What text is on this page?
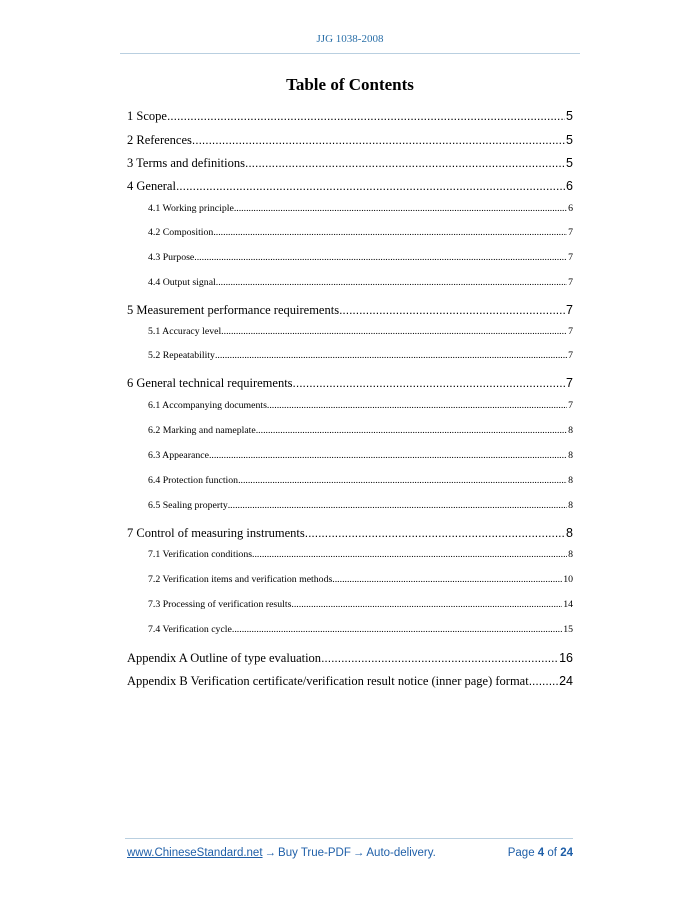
JJG 1038-2008
Table of Contents
1 Scope .....	5
2 References .....	5
3 Terms and definitions .....	5
4 General .....	6
4.1 Working principle .....	6
4.2 Composition .....	7
4.3 Purpose .....	7
4.4 Output signal .....	7
5 Measurement performance requirements .....	7
5.1 Accuracy level .....	7
5.2 Repeatability .....	7
6 General technical requirements .....	7
6.1 Accompanying documents .....	7
6.2 Marking and nameplate .....	8
6.3 Appearance .....	8
6.4 Protection function .....	8
6.5 Sealing property .....	8
7 Control of measuring instruments .....	8
7.1 Verification conditions .....	8
7.2 Verification items and verification methods .....	10
7.3 Processing of verification results .....	14
7.4 Verification cycle .....	15
Appendix A Outline of type evaluation .....	16
Appendix B Verification certificate/verification result notice (inner page) format ..... 24
www.ChineseStandard.net → Buy True-PDF → Auto-delivery.	Page 4 of 24
